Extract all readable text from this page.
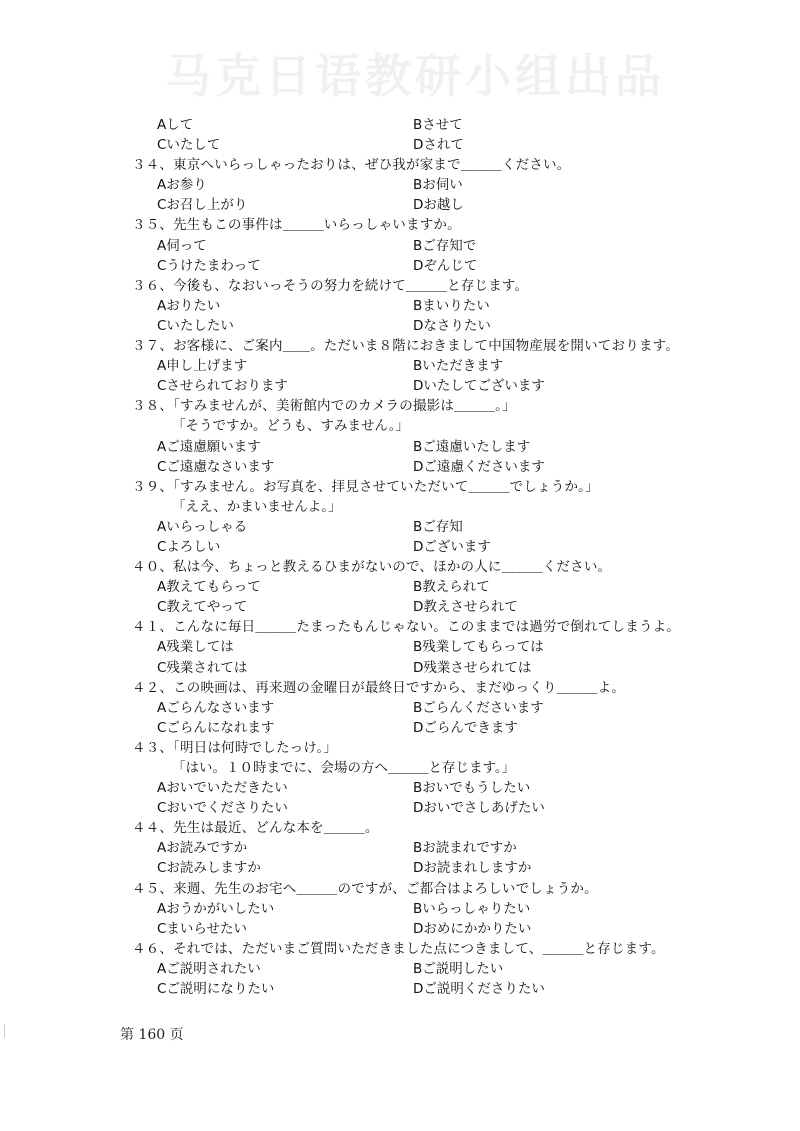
马克日语教研小组出品
Aして	Bさせて
Cいたして	Dされて
３４、東京へいらっしゃったおりは、ぜひ我が家まで＿＿＿ください。
Aお参り	Bお伺い
Cお召し上がり	Dお越し
３５、先生もこの事件は＿＿＿いらっしゃいますか。
A伺って	Bご存知で
Cうけたまわって	Dぞんじて
３６、今後も、なおいっそうの努力を続けて＿＿＿と存じます。
Aおりたい	Bまいりたい
Cいたしたい	Dなさりたい
３７、お客様に、ご案内＿＿。ただいま８階におきまして中国物産展を開いております。
A申し上げます	Bいただきます
Cさせられております	Dいたしてございます
３８、「すみませんが、美術館内でのカメラの撮影は＿＿＿。」
「そうですか。どうも、すみません。」
Aご遠慮願います	Bご遠慮いたします
Cご遠慮なさいます	Dご遠慮くださいます
３９、「すみません。お写真を、拝見させていただいて＿＿＿でしょうか。」
「ええ、かまいませんよ。」
Aいらっしゃる	Bご存知
Cよろしい	Dございます
４０、私は今、ちょっと教えるひまがないので、ほかの人に＿＿＿ください。
A教えてもらって	B教えられて
C教えてやって	D教えさせられて
４１、こんなに毎日＿＿＿たまったもんじゃない。このままでは過労で倒れてしまうよ。
A残業しては	B残業してもらっては
C残業されては	D残業させられては
４２、この映画は、再来週の金曜日が最終日ですから、まだゆっくり＿＿＿よ。
Aごらんなさいます	Bごらんくださいます
Cごらんになれます	Dごらんできます
４３、「明日は何時でしたっけ。」
「はい。１０時までに、会場の方へ＿＿＿と存じます。」
Aおいでいただきたい	Bおいでもうしたい
Cおいでくださりたい	Dおいでさしあげたい
４４、先生は最近、どんな本を＿＿＿。
Aお読みですか	Bお読まれですか
Cお読みしますか	Dお読まれしますか
４５、来週、先生のお宅へ＿＿＿のですが、ご都合はよろしいでしょうか。
Aおうかがいしたい	Bいらっしゃりたい
Cまいらせたい	Dおめにかかりたい
４６、それでは、ただいまご質問いただきました点につきまして、＿＿＿と存じます。
Aご説明されたい	Bご説明したい
Cご説明になりたい	Dご説明くださりたい
第 160 页
